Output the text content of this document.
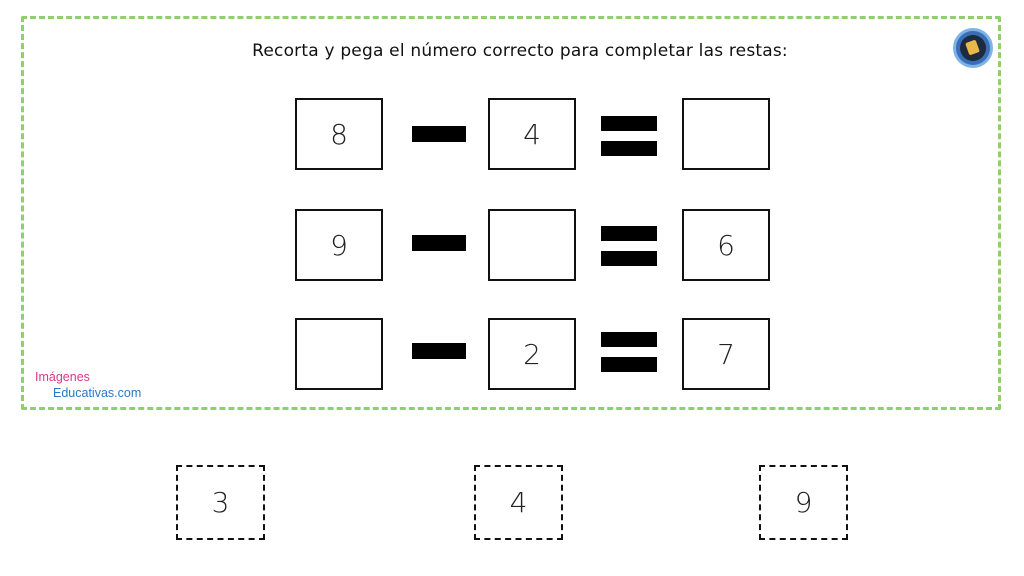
Recorta y pega el número correcto para completar las restas:
8	4
9	6
2	7
Imágenes
Educativas.com
3	4	9
